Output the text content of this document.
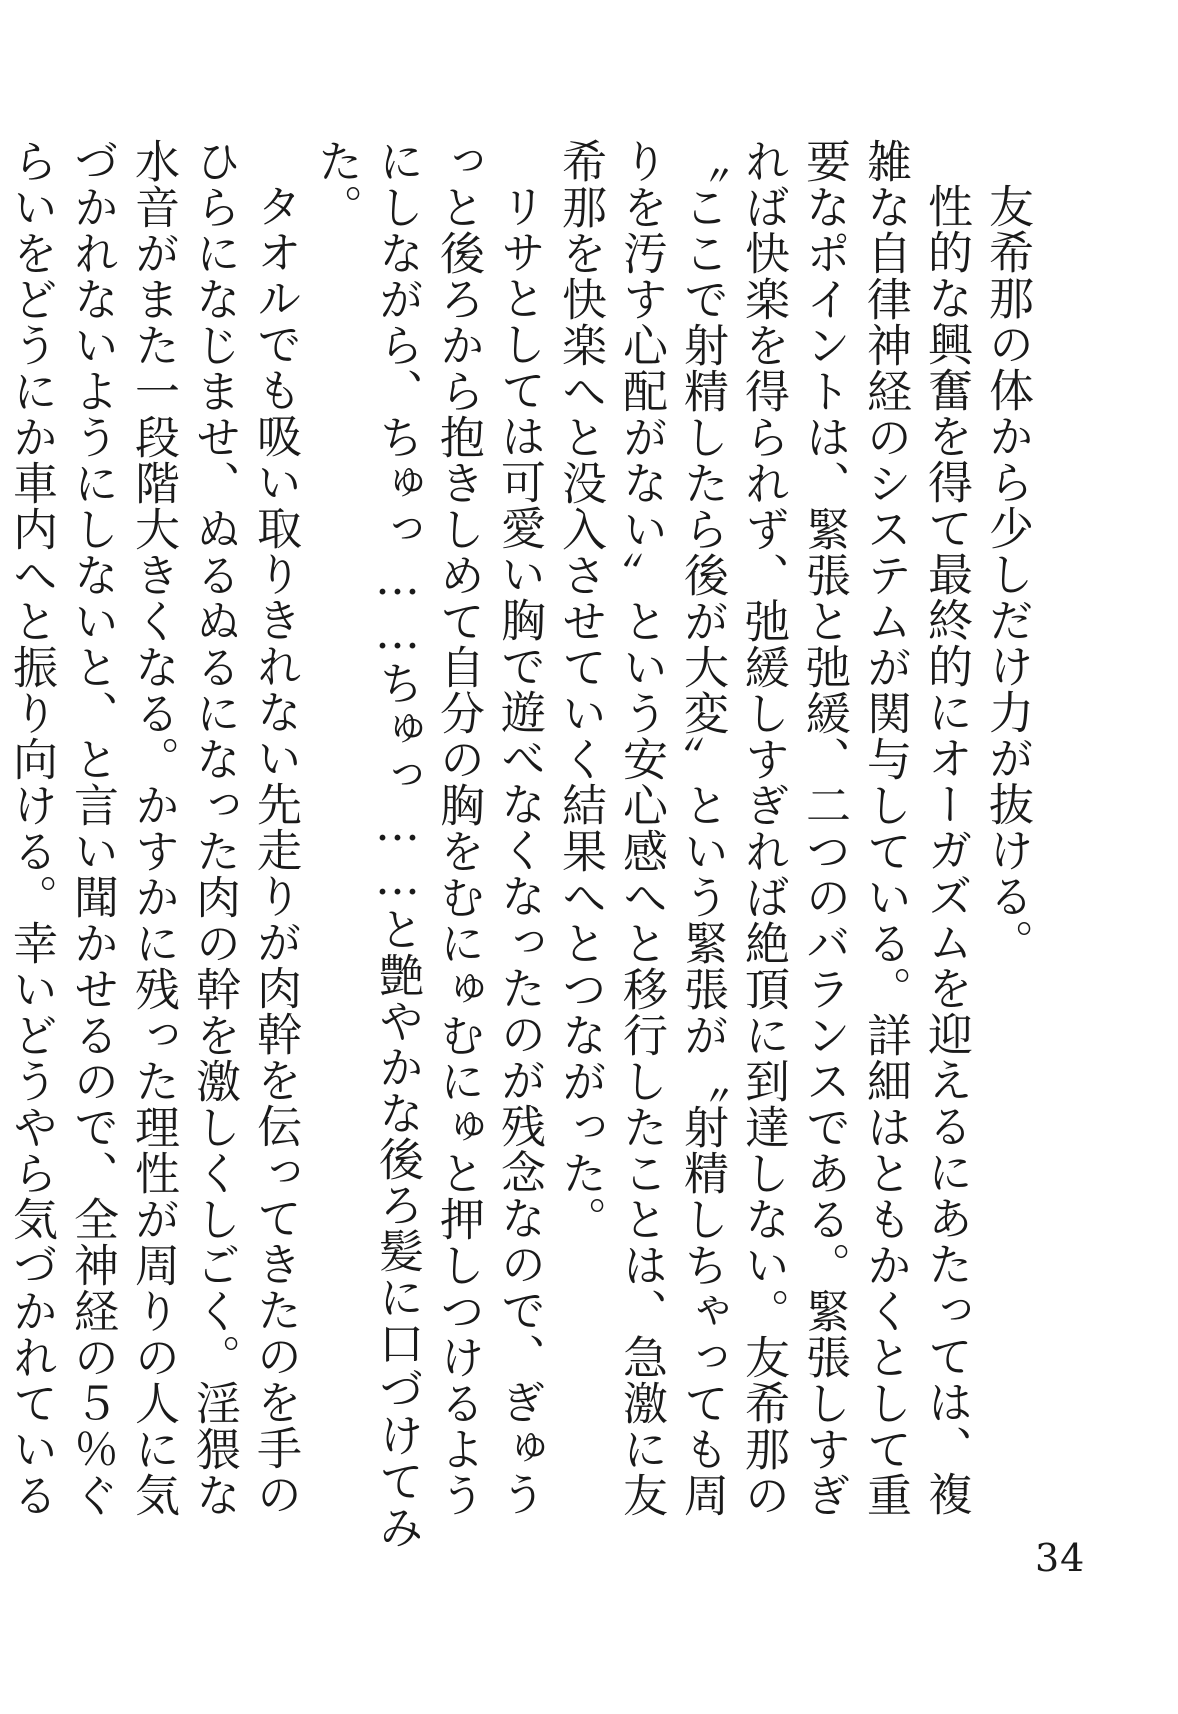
友希那の体から少しだけ力が抜ける。

性的な興奮を得て最終的にオーガズムを迎えるにあたっては、複雑な自律神経のシステムが関与している。詳細はともかくとして重要なポイントは、緊張と弛緩、二つのバランスである。緊張しすぎれば快楽を得られず、弛緩しすぎれば絶頂に到達しない。友希那の〝ここで射精したら後が大変〟という緊張が〝射精しちゃっても周りを汚す心配がない〟という安心感へと移行したことは、急激に友希那を快楽へと没入させていく結果へとつながった。

リサとしては可愛い胸で遊べなくなったのが残念なので、ぎゅうっと後ろから抱きしめて自分の胸をむにゅむにゅと押しつけるようにしながら、ちゅっ……ちゅっ……と艶やかな後ろ髪に口づけてみた。

タオルでも吸い取りきれない先走りが肉幹を伝ってきたのを手のひらになじませ、ぬるぬるになった肉の幹を激しくしごく。淫猥な水音がまた一段階大きくなる。かすかに残った理性が周りの人に気づかれないようにしないと、と言い聞かせるので、全神経の５％ぐらいをどうにか車内へと振り向ける。幸いどうやら気づかれている

34
